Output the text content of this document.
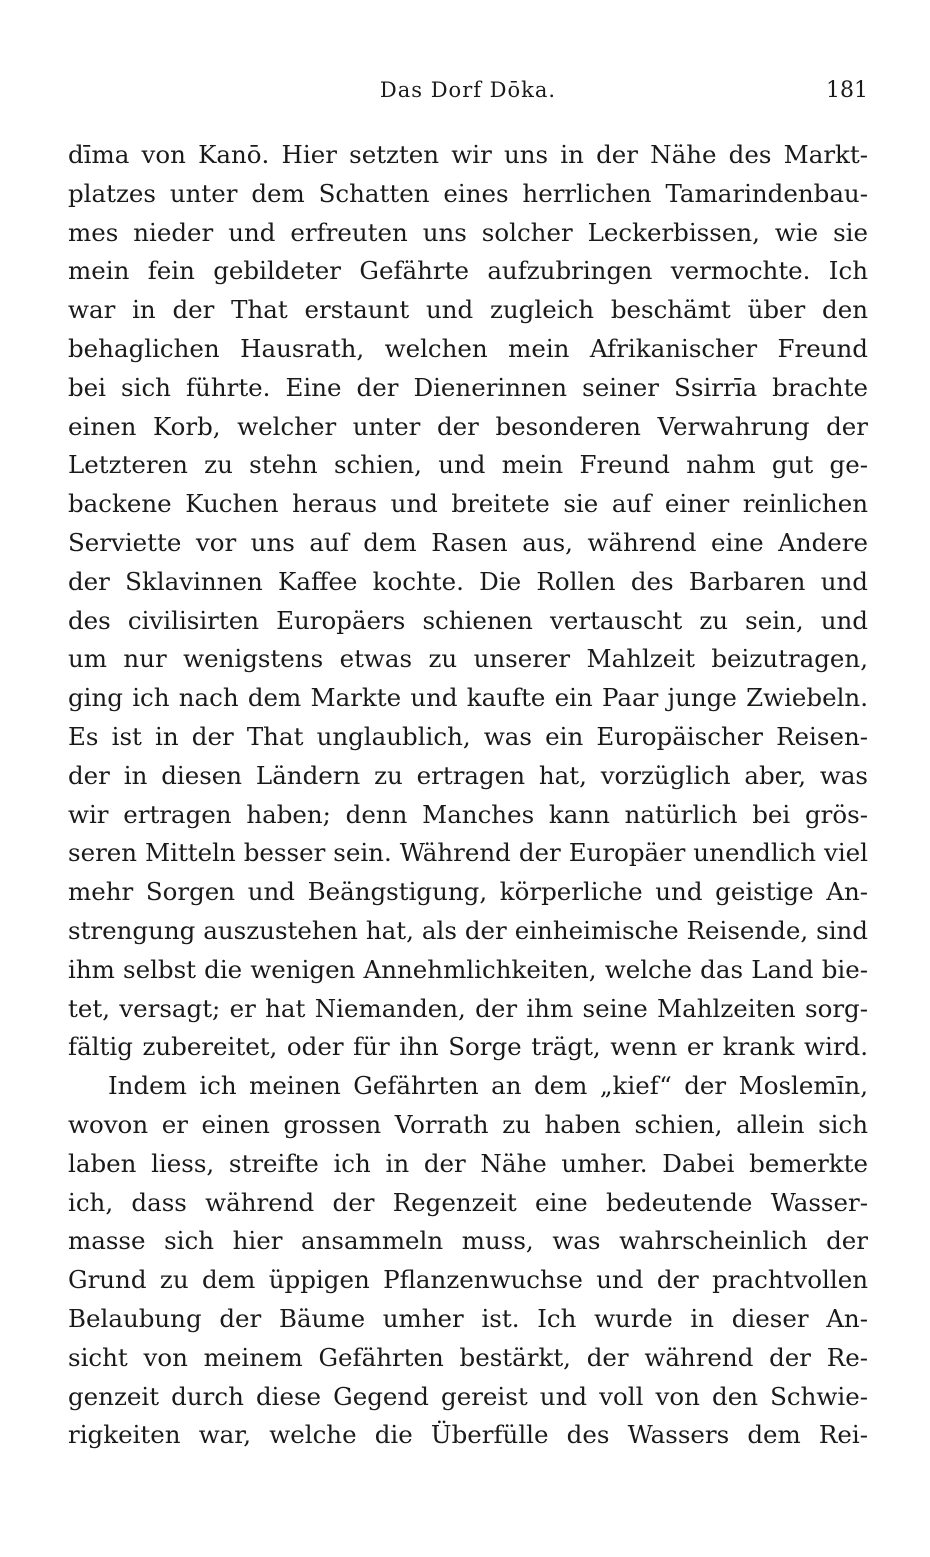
Das Dorf Dōka.	181
dīma von Kanō. Hier setzten wir uns in der Nähe des Markt-
platzes unter dem Schatten eines herrlichen Tamarindenbau-
mes nieder und erfreuten uns solcher Leckerbissen, wie sie
mein fein gebildeter Gefährte aufzubringen vermochte. Ich
war in der That erstaunt und zugleich beschämt über den
behaglichen Hausrath, welchen mein Afrikanischer Freund
bei sich führte. Eine der Dienerinnen seiner Ssirrīa brachte
einen Korb, welcher unter der besonderen Verwahrung der
Letzteren zu stehn schien, und mein Freund nahm gut ge-
backene Kuchen heraus und breitete sie auf einer reinlichen
Serviette vor uns auf dem Rasen aus, während eine Andere
der Sklavinnen Kaffee kochte. Die Rollen des Barbaren und
des civilisirten Europäers schienen vertauscht zu sein, und
um nur wenigstens etwas zu unserer Mahlzeit beizutragen,
ging ich nach dem Markte und kaufte ein Paar junge Zwiebeln.
Es ist in der That unglaublich, was ein Europäischer Reisen-
der in diesen Ländern zu ertragen hat, vorzüglich aber, was
wir ertragen haben; denn Manches kann natürlich bei grös-
seren Mitteln besser sein. Während der Europäer unendlich viel
mehr Sorgen und Beängstigung, körperliche und geistige An-
strengung auszustehen hat, als der einheimische Reisende, sind
ihm selbst die wenigen Annehmlichkeiten, welche das Land bie-
tet, versagt; er hat Niemanden, der ihm seine Mahlzeiten sorg-
fältig zubereitet, oder für ihn Sorge trägt, wenn er krank wird.
Indem ich meinen Gefährten an dem „kief“ der Moslemīn,
wovon er einen grossen Vorrath zu haben schien, allein sich
laben liess, streifte ich in der Nähe umher. Dabei bemerkte
ich, dass während der Regenzeit eine bedeutende Wasser-
masse sich hier ansammeln muss, was wahrscheinlich der
Grund zu dem üppigen Pflanzenwuchse und der prachtvollen
Belaubung der Bäume umher ist. Ich wurde in dieser An-
sicht von meinem Gefährten bestärkt, der während der Re-
genzeit durch diese Gegend gereist und voll von den Schwie-
rigkeiten war, welche die Überfülle des Wassers dem Rei-
